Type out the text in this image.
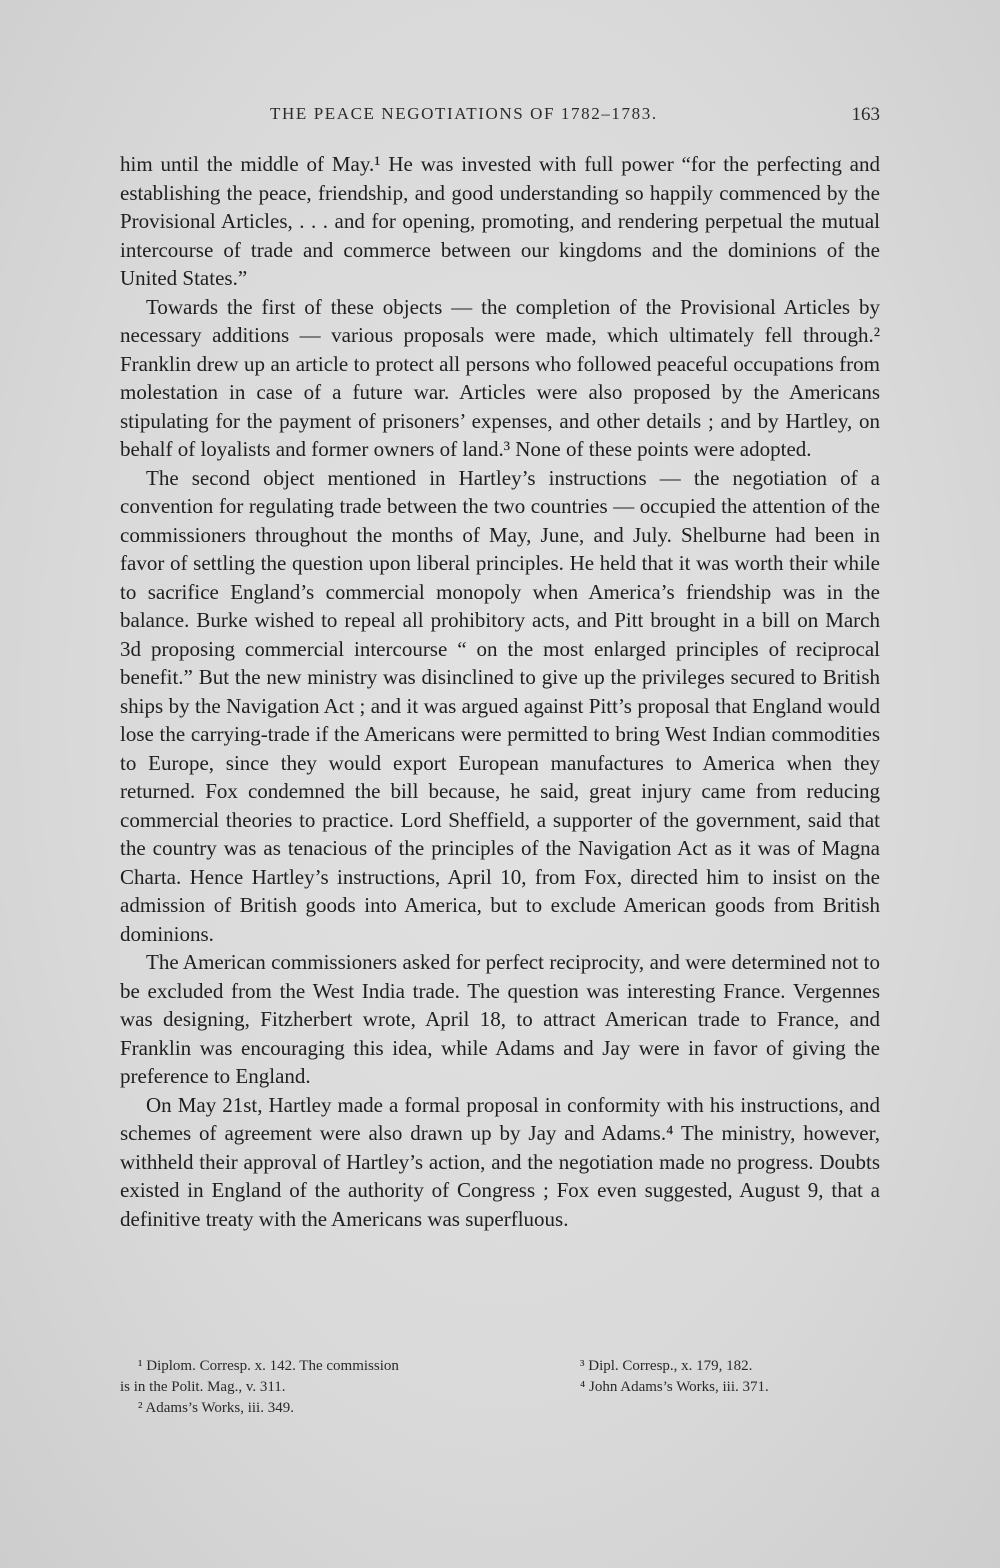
THE PEACE NEGOTIATIONS OF 1782–1783.	163

him until the middle of May.¹ He was invested with full power “for the perfecting and establishing the peace, friendship, and good understanding so happily commenced by the Provisional Articles, . . . and for opening, promoting, and rendering perpetual the mutual intercourse of trade and commerce between our kingdoms and the dominions of the United States.”

Towards the first of these objects — the completion of the Provisional Articles by necessary additions — various proposals were made, which ultimately fell through.² Franklin drew up an article to protect all persons who followed peaceful occupations from molestation in case of a future war. Articles were also proposed by the Americans stipulating for the payment of prisoners’ expenses, and other details ; and by Hartley, on behalf of loyalists and former owners of land.³ None of these points were adopted.

The second object mentioned in Hartley’s instructions — the negotiation of a convention for regulating trade between the two countries — occupied the attention of the commissioners throughout the months of May, June, and July. Shelburne had been in favor of settling the question upon liberal principles. He held that it was worth their while to sacrifice England’s commercial monopoly when America’s friendship was in the balance. Burke wished to repeal all prohibitory acts, and Pitt brought in a bill on March 3d proposing commercial intercourse “ on the most enlarged principles of reciprocal benefit.” But the new ministry was disinclined to give up the privileges secured to British ships by the Navigation Act ; and it was argued against Pitt’s proposal that England would lose the carrying-trade if the Americans were permitted to bring West Indian commodities to Europe, since they would export European manufactures to America when they returned. Fox condemned the bill because, he said, great injury came from reducing commercial theories to practice. Lord Sheffield, a supporter of the government, said that the country was as tenacious of the principles of the Navigation Act as it was of Magna Charta. Hence Hartley’s instructions, April 10, from Fox, directed him to insist on the admission of British goods into America, but to exclude American goods from British dominions.

The American commissioners asked for perfect reciprocity, and were determined not to be excluded from the West India trade. The question was interesting France. Vergennes was designing, Fitzherbert wrote, April 18, to attract American trade to France, and Franklin was encouraging this idea, while Adams and Jay were in favor of giving the preference to England.

On May 21st, Hartley made a formal proposal in conformity with his instructions, and schemes of agreement were also drawn up by Jay and Adams.⁴ The ministry, however, withheld their approval of Hartley’s action, and the negotiation made no progress. Doubts existed in England of the authority of Congress ; Fox even suggested, August 9, that a definitive treaty with the Americans was superfluous.

¹ Diplom. Corresp. x. 142. The commission
is in the Polit. Mag., v. 311.
² Adams’s Works, iii. 349.
³ Dipl. Corresp., x. 179, 182.
⁴ John Adams’s Works, iii. 371.
